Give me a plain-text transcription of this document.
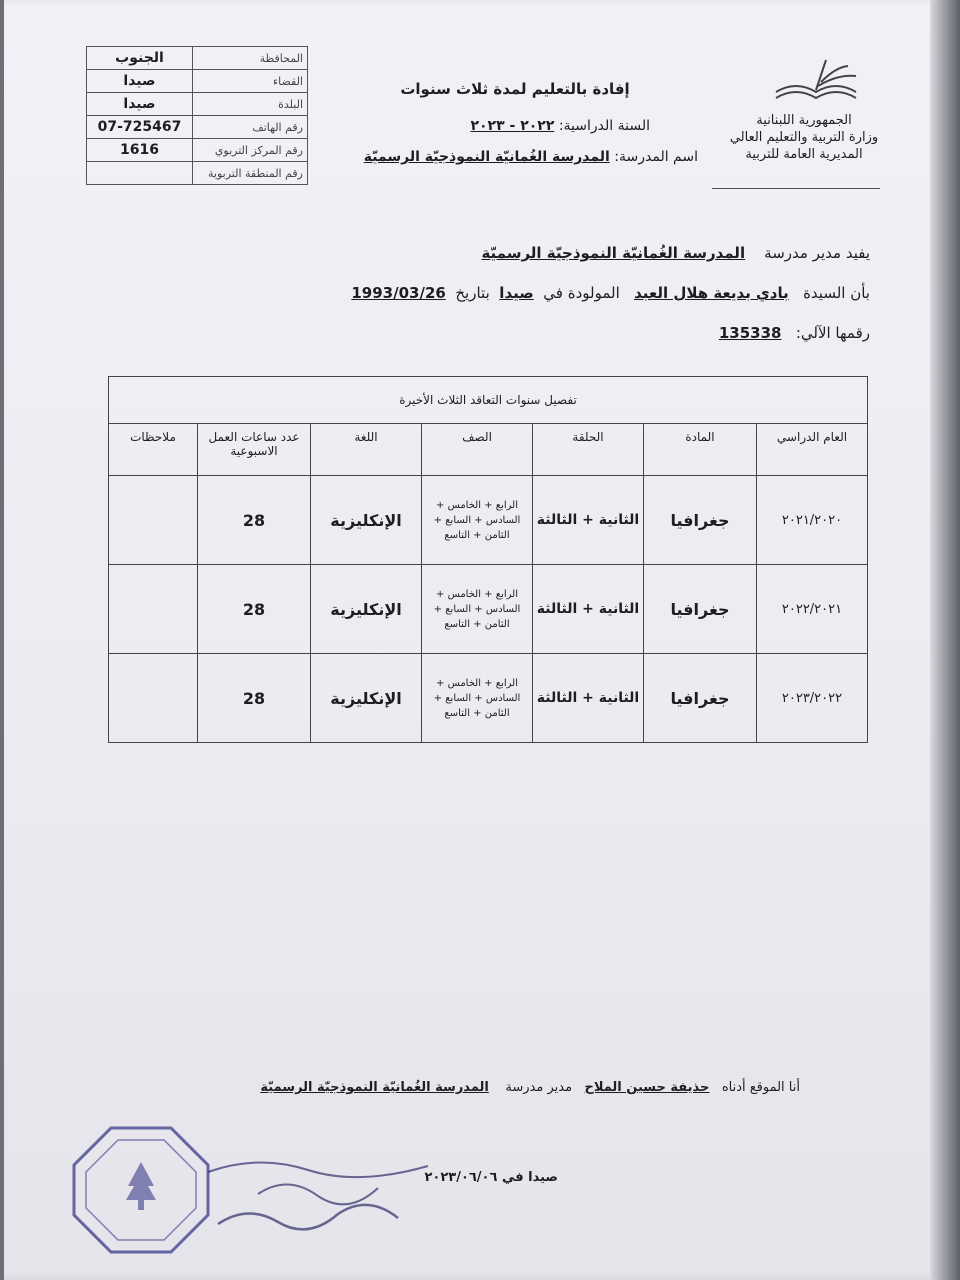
الجمهورية اللبنانية
وزارة التربية والتعليم العالي
المديرية العامة للتربية
إفادة بالتعليم لمدة ثلاث سنوات
السنة الدراسية: ٢٠٢٢ - ٢٠٢٣
اسم المدرسة: المدرسة الغُمانيّة النموذجيّة الرسميّة
المحافظة	الجنوب
القضاء	صيدا
البلدة	صيدا
رقم الهاتف	07-725467
رقم المركز التربوي	1616
رقم المنطقة التربوية	
يفيد مدير مدرسة    المدرسة الغُمانيّة النموذجيّة الرسميّة
بأن السيدة   بادي بديعة هلال العبد   المولودة في  صيدا  بتاريخ  1993/03/26
رقمها الآلي:   135338
تفصيل سنوات التعاقد الثلاث الأخيرة						
العام الدراسي	المادة	الحلقة	الصف	اللغة	عدد ساعات العمل الاسبوعية	ملاحظات
٢٠٢١/٢٠٢٠	جغرافيا	الثانية + الثالثة	الرابع + الخامس + السادس + السابع + الثامن + التاسع	الإنكليزية	28	
٢٠٢٢/٢٠٢١	جغرافيا	الثانية + الثالثة	الرابع + الخامس + السادس + السابع + الثامن + التاسع	الإنكليزية	28	
٢٠٢٣/٢٠٢٢	جغرافيا	الثانية + الثالثة	الرابع + الخامس + السادس + السابع + الثامن + التاسع	الإنكليزية	28	
أنا الموقع أدناه   حذيفة حسين الملاح   مدير مدرسة    المدرسة الغُمانيّة النموذجيّة الرسميّة
صيدا في ٢٠٢٣/٠٦/٠٦
